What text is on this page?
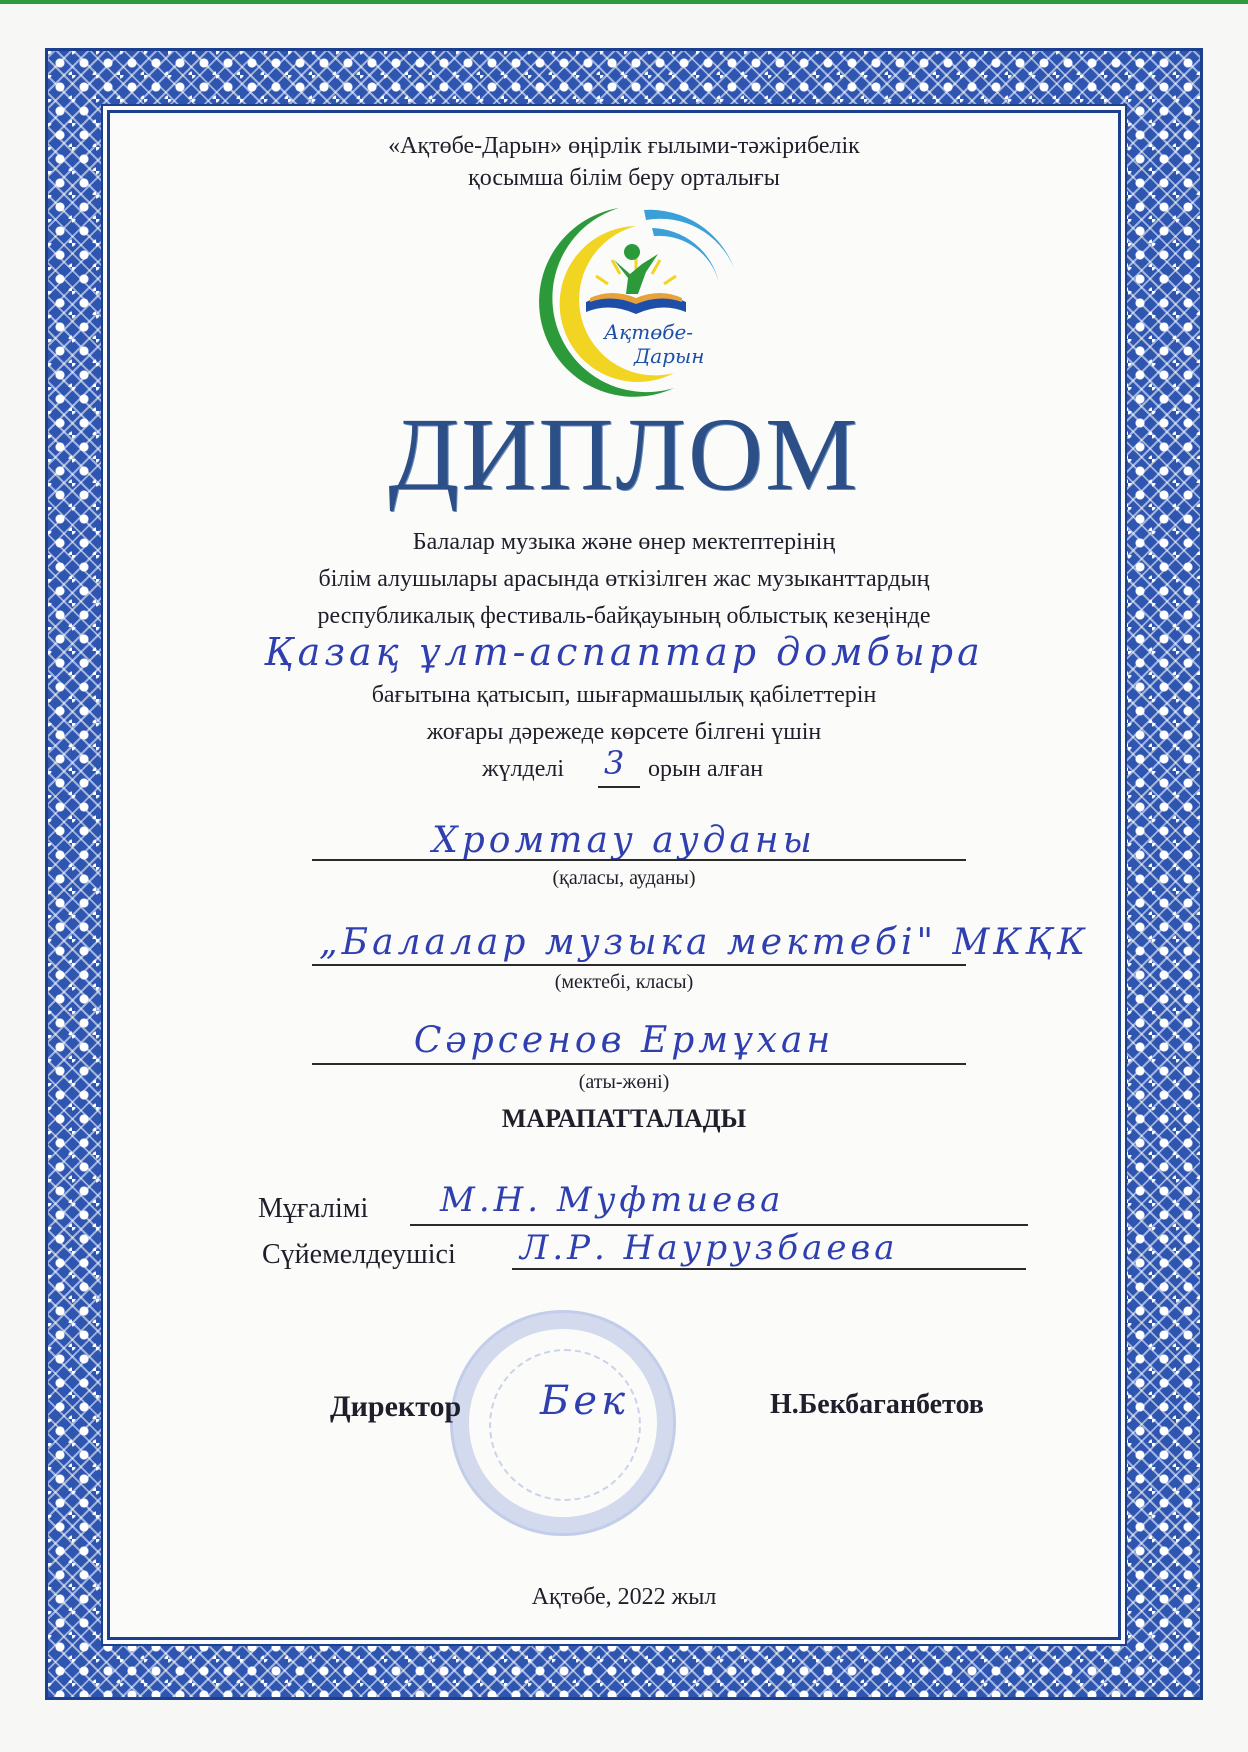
«Ақтөбе-Дарын» өңірлік ғылыми-тәжірибелік
қосымша білім беру орталығы
Ақтөбе-
Дарын
ДИПЛОМ
Балалар музыка және өнер мектептерінің
білім алушылары арасында өткізілген жас музыканттардың
республикалық фестиваль-байқауының облыстық кезеңінде
Қазақ ұлт-аспаптар домбыра
бағытына қатысып, шығармашылық қабілеттерін
жоғары дәрежеде көрсете білгені үшін
жүлделі 3 орын алған
Хромтау ауданы
(қаласы, ауданы)
„Балалар музыка мектебі" МКҚК
(мектебі, класы)
Сәрсенов Ермұхан
(аты-жөні)
МАРАПАТТАЛАДЫ
Мұғалімі М.Н. Муфтиева
Сүйемелдеушісі Л.Р. Наурузбаева
Директор Бек	Н.Бекбаганбетов
Ақтөбе, 2022 жыл
